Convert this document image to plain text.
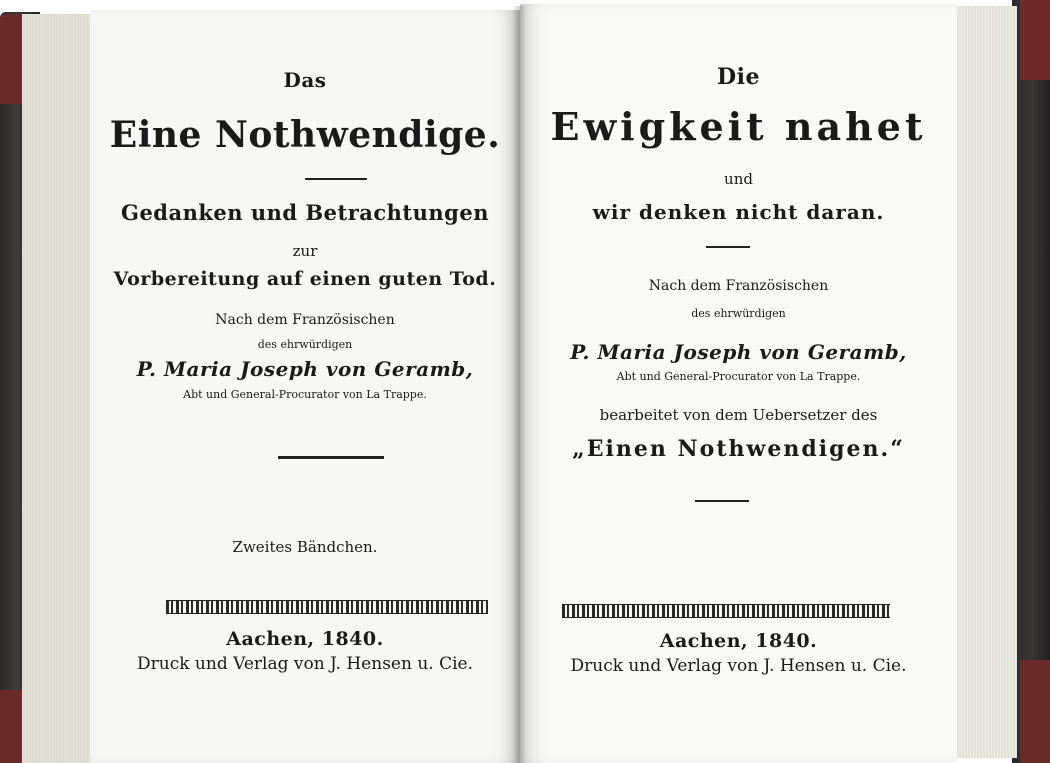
Das
Eine Nothwendige.
Gedanken und Betrachtungen
zur
Vorbereitung auf einen guten Tod.
Nach dem Französischen
des ehrwürdigen
P. Maria Joseph von Geramb,
Abt und General-Procurator von La Trappe.
Zweites Bändchen.
Aachen, 1840.
Druck und Verlag von J. Hensen u. Cie.
Die
Ewigkeit nahet
und
wir denken nicht daran.
Nach dem Französischen
des ehrwürdigen
P. Maria Joseph von Geramb,
Abt und General-Procurator von La Trappe.
bearbeitet von dem Uebersetzer des
„Einen Nothwendigen.“
Aachen, 1840.
Druck und Verlag von J. Hensen u. Cie.
